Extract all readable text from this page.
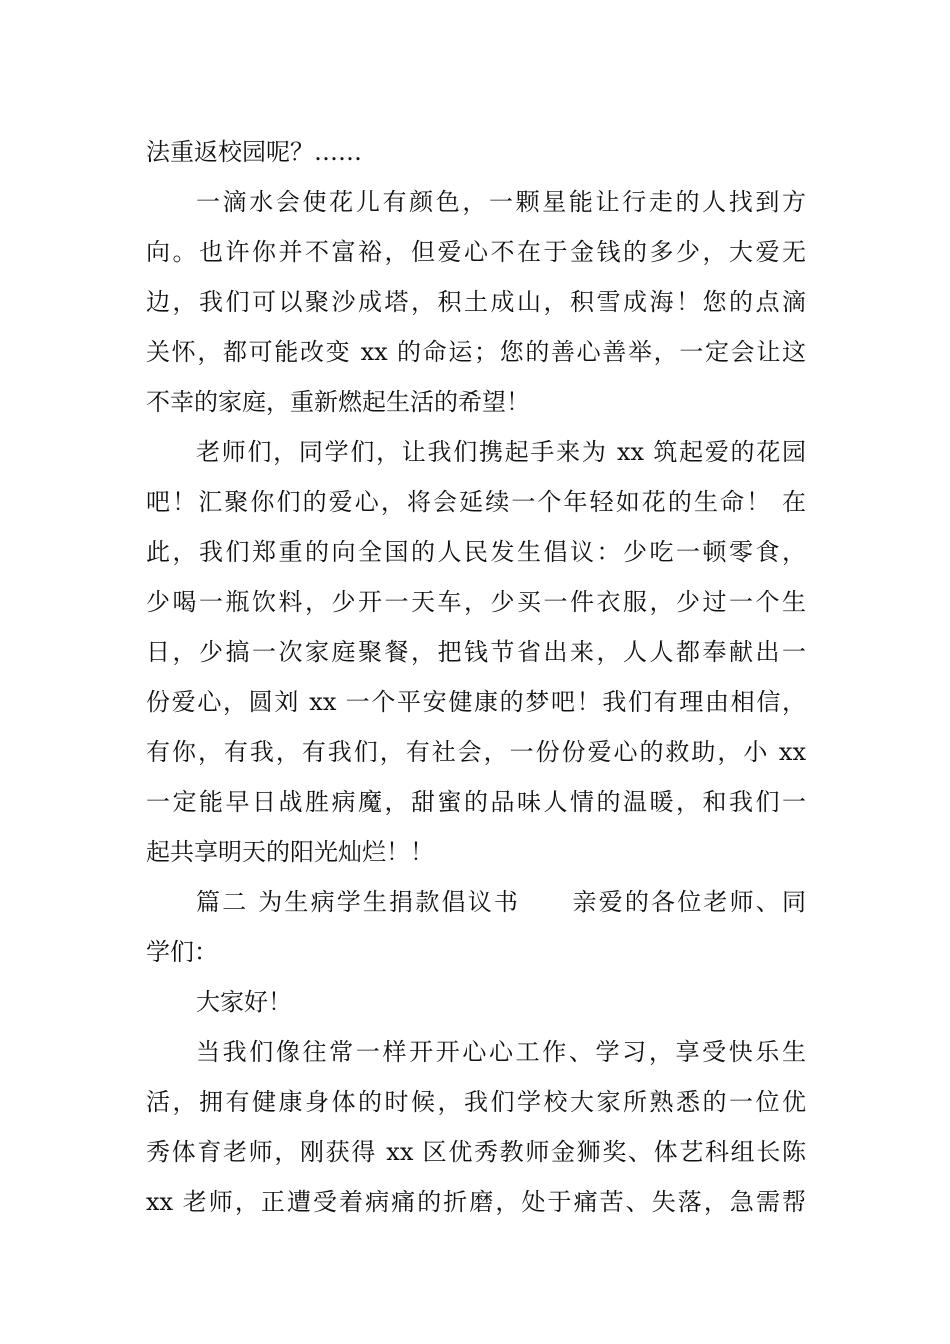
法重返校园呢？……
一滴水会使花儿有颜色，一颗星能让行走的人找到方
向。也许你并不富裕，但爱心不在于金钱的多少，大爱无
边，我们可以聚沙成塔，积土成山，积雪成海！您的点滴
关怀，都可能改变 xx 的命运；您的善心善举，一定会让这
不幸的家庭，重新燃起生活的希望！
老师们，同学们，让我们携起手来为 xx 筑起爱的花园
吧！汇聚你们的爱心，将会延续一个年轻如花的生命！ 在
此，我们郑重的向全国的人民发生倡议：少吃一顿零食，
少喝一瓶饮料，少开一天车，少买一件衣服，少过一个生
日，少搞一次家庭聚餐，把钱节省出来，人人都奉献出一
份爱心，圆刘 xx 一个平安健康的梦吧！我们有理由相信，
有你，有我，有我们，有社会，一份份爱心的救助，小 xx
一定能早日战胜病魔，甜蜜的品味人情的温暖，和我们一
起共享明天的阳光灿烂！！
篇二 为生病学生捐款倡议书　　亲爱的各位老师、同
学们：
大家好！
当我们像往常一样开开心心工作、学习，享受快乐生
活，拥有健康身体的时候，我们学校大家所熟悉的一位优
秀体育老师，刚获得 xx 区优秀教师金狮奖、体艺科组长陈
xx 老师，正遭受着病痛的折磨，处于痛苦、失落，急需帮
